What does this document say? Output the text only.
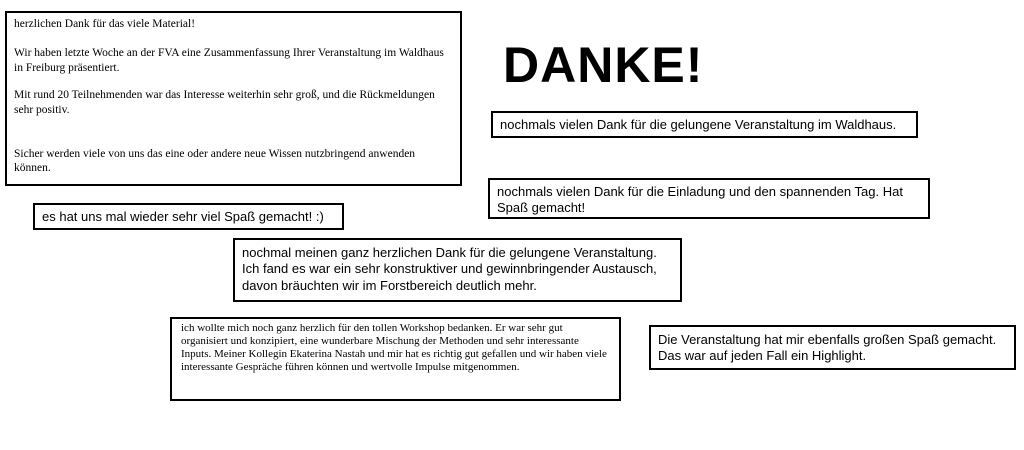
DANKE!

herzlichen Dank für das viele Material!

Wir haben letzte Woche an der FVA eine Zusammenfassung Ihrer Veranstaltung im Waldhaus in Freiburg präsentiert.

Mit rund 20 Teilnehmenden war das Interesse weiterhin sehr groß, und die Rückmeldungen sehr positiv.

Sicher werden viele von uns das eine oder andere neue Wissen nutzbringend anwenden können.

nochmals vielen Dank für die gelungene Veranstaltung im Waldhaus.

nochmals vielen Dank für die Einladung und den spannenden Tag. Hat Spaß gemacht!

es hat uns mal wieder sehr viel Spaß gemacht! :)

nochmal meinen ganz herzlichen Dank für die gelungene Veranstaltung. Ich fand es war ein sehr konstruktiver und gewinnbringender Austausch, davon bräuchten wir im Forstbereich deutlich mehr.

ich wollte mich noch ganz herzlich für den tollen Workshop bedanken. Er war sehr gut organisiert und konzipiert, eine wunderbare Mischung der Methoden und sehr interessante Inputs. Meiner Kollegin Ekaterina Nastah und mir hat es richtig gut gefallen und wir haben viele interessante Gespräche führen können und wertvolle Impulse mitgenommen.

Die Veranstaltung hat mir ebenfalls großen Spaß gemacht. Das war auf jeden Fall ein Highlight.
